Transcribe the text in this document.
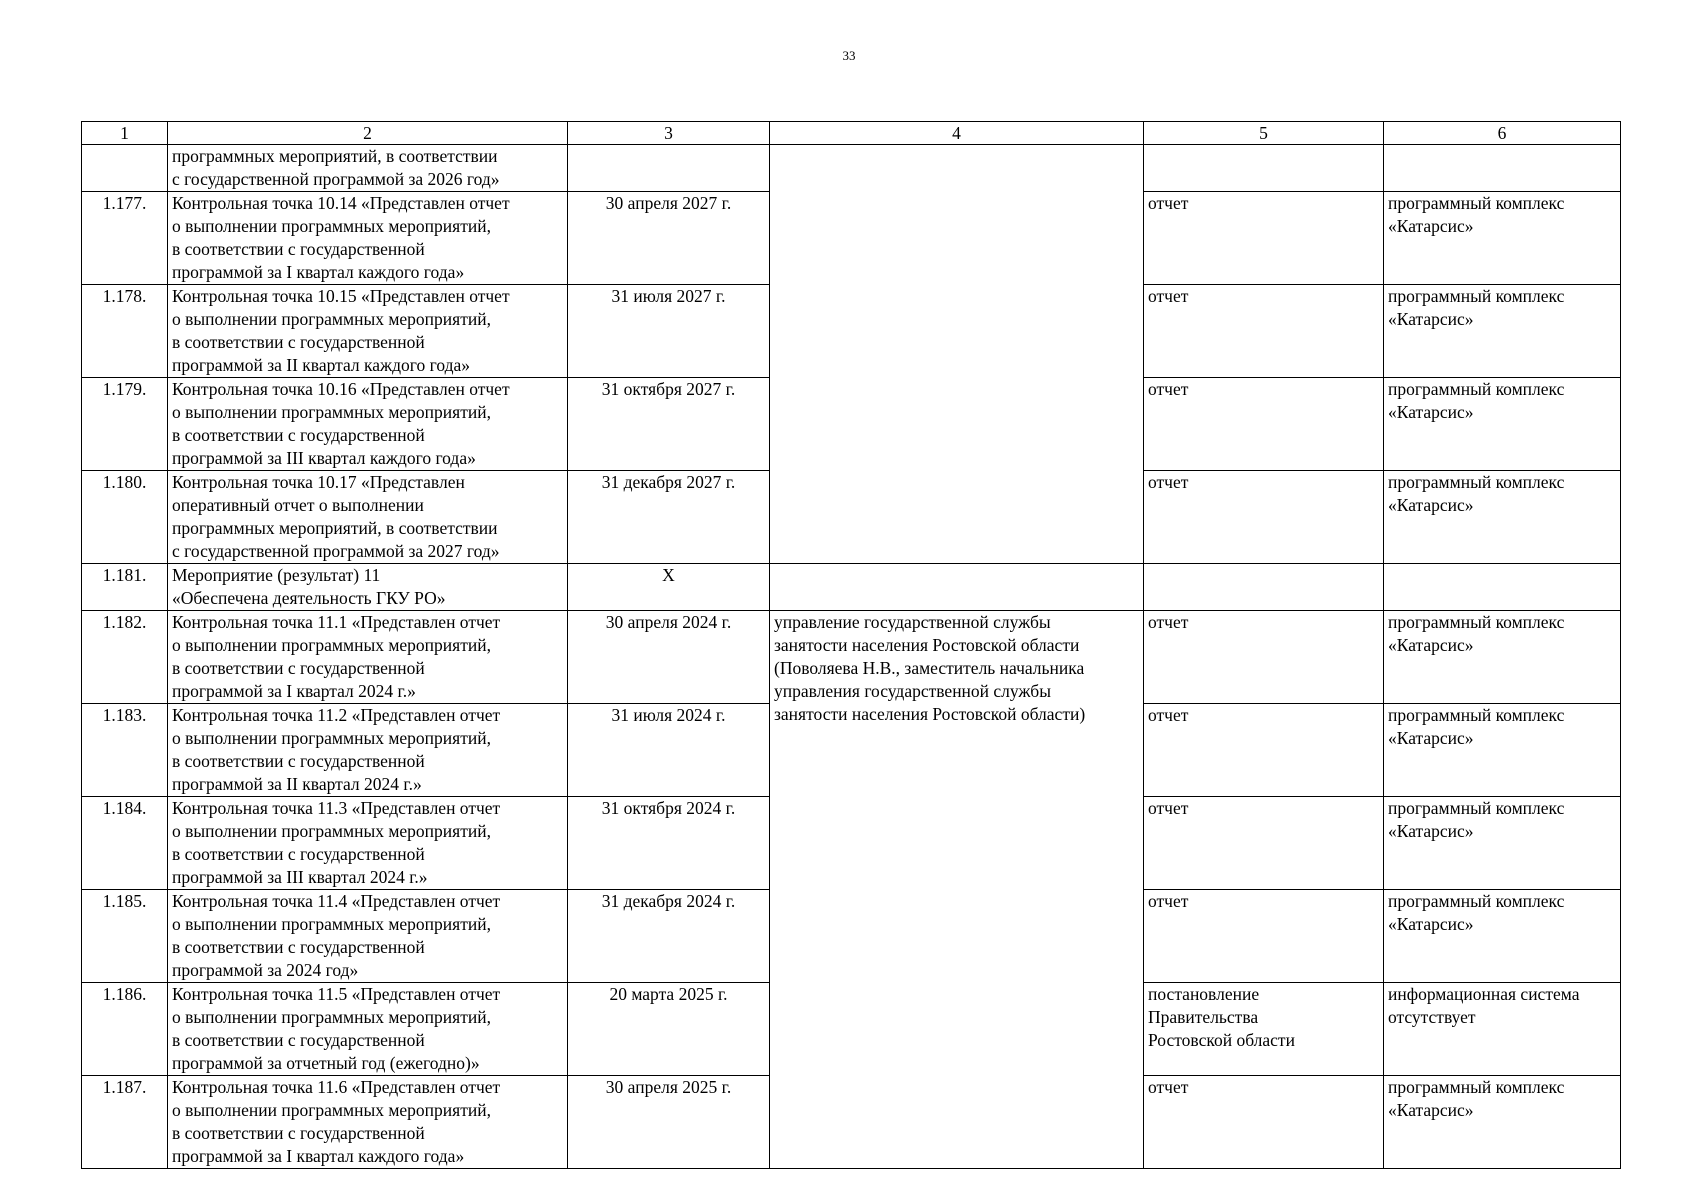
33
1	2	3	4	5	6
	программных мероприятий, в соответствии
с государственной программой за 2026 год»				
1.177.	Контрольная точка 10.14 «Представлен отчет
о выполнении программных мероприятий,
в соответствии с государственной
программой за I квартал каждого года»	30 апреля 2027 г.		отчет	программный комплекс
«Катарсис»
1.178.	Контрольная точка 10.15 «Представлен отчет
о выполнении программных мероприятий,
в соответствии с государственной
программой за II квартал каждого года»	31 июля 2027 г.		отчет	программный комплекс
«Катарсис»
1.179.	Контрольная точка 10.16 «Представлен отчет
о выполнении программных мероприятий,
в соответствии с государственной
программой за III квартал каждого года»	31 октября 2027 г.		отчет	программный комплекс
«Катарсис»
1.180.	Контрольная точка 10.17 «Представлен
оперативный отчет о выполнении
программных мероприятий, в соответствии
с государственной программой за 2027 год»	31 декабря 2027 г.		отчет	программный комплекс
«Катарсис»
1.181.	Мероприятие (результат) 11
«Обеспечена деятельность ГКУ РО»	Х			
1.182.	Контрольная точка 11.1 «Представлен отчет
о выполнении программных мероприятий,
в соответствии с государственной
программой за I квартал 2024 г.»	30 апреля 2024 г.	управление государственной службы
занятости населения Ростовской области
(Поволяева Н.В., заместитель начальника
управления государственной службы
занятости населения Ростовской области)	отчет	программный комплекс
«Катарсис»
1.183.	Контрольная точка 11.2 «Представлен отчет
о выполнении программных мероприятий,
в соответствии с государственной
программой за II квартал 2024 г.»	31 июля 2024 г.		отчет	программный комплекс
«Катарсис»
1.184.	Контрольная точка 11.3 «Представлен отчет
о выполнении программных мероприятий,
в соответствии с государственной
программой за III квартал 2024 г.»	31 октября 2024 г.		отчет	программный комплекс
«Катарсис»
1.185.	Контрольная точка 11.4 «Представлен отчет
о выполнении программных мероприятий,
в соответствии с государственной
программой за 2024 год»	31 декабря 2024 г.		отчет	программный комплекс
«Катарсис»
1.186.	Контрольная точка 11.5 «Представлен отчет
о выполнении программных мероприятий,
в соответствии с государственной
программой за отчетный год (ежегодно)»	20 марта 2025 г.		постановление
Правительства
Ростовской области	информационная система
отсутствует
1.187.	Контрольная точка 11.6 «Представлен отчет
о выполнении программных мероприятий,
в соответствии с государственной
программой за I квартал каждого года»	30 апреля 2025 г.		отчет	программный комплекс
«Катарсис»
